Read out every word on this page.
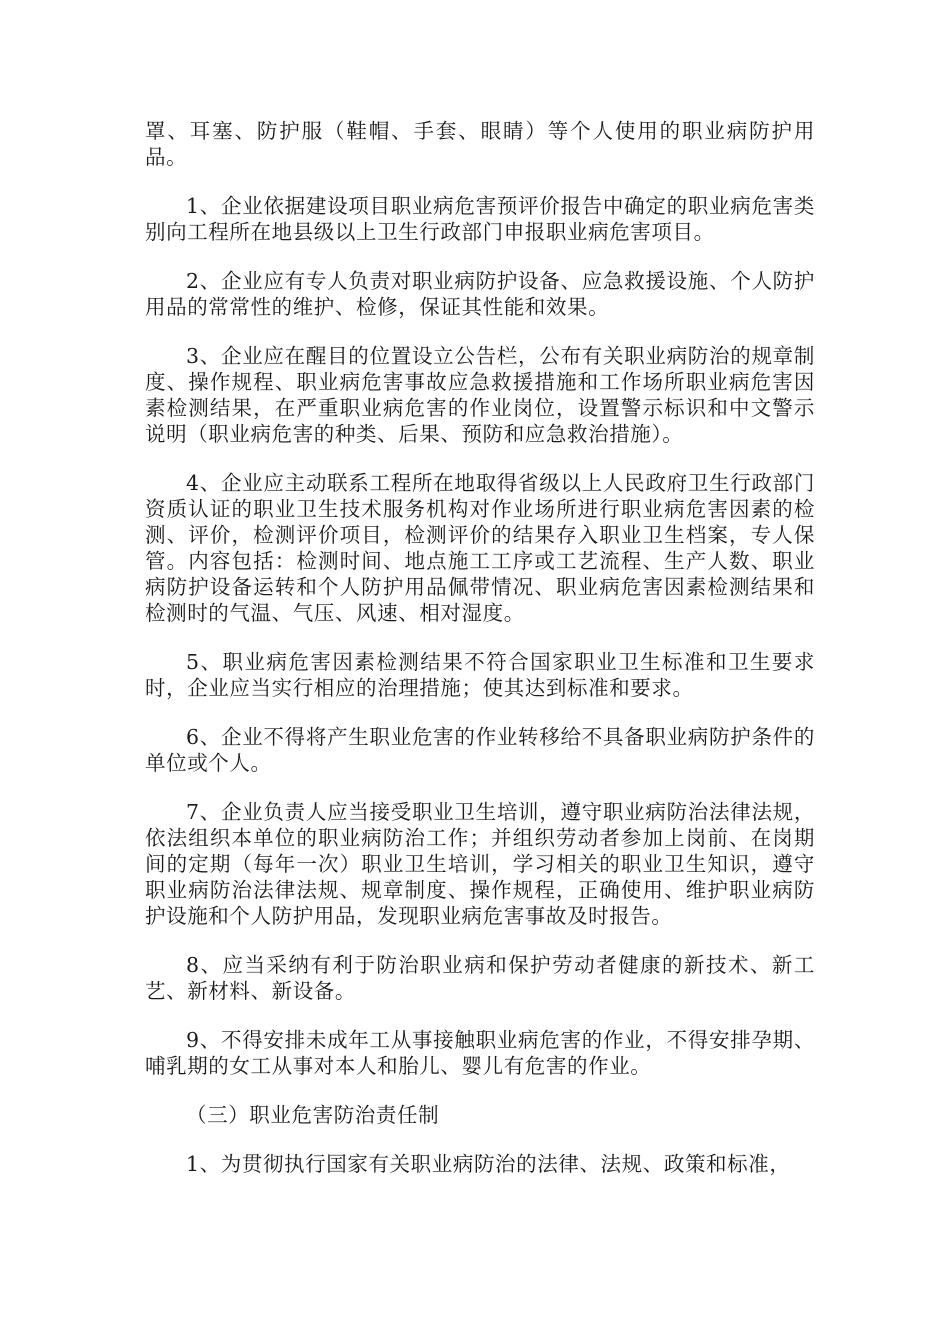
罩、耳塞、防护服（鞋帽、手套、眼睛）等个人使用的职业病防护用品。

1、企业依据建设项目职业病危害预评价报告中确定的职业病危害类别向工程所在地县级以上卫生行政部门申报职业病危害项目。

2、企业应有专人负责对职业病防护设备、应急救援设施、个人防护用品的常常性的维护、检修，保证其性能和效果。

3、企业应在醒目的位置设立公告栏，公布有关职业病防治的规章制度、操作规程、职业病危害事故应急救援措施和工作场所职业病危害因素检测结果，在严重职业病危害的作业岗位，设置警示标识和中文警示说明（职业病危害的种类、后果、预防和应急救治措施）。

4、企业应主动联系工程所在地取得省级以上人民政府卫生行政部门资质认证的职业卫生技术服务机构对作业场所进行职业病危害因素的检测、评价，检测评价项目，检测评价的结果存入职业卫生档案，专人保管。内容包括：检测时间、地点施工工序或工艺流程、生产人数、职业病防护设备运转和个人防护用品佩带情况、职业病危害因素检测结果和检测时的气温、气压、风速、相对湿度。

5、职业病危害因素检测结果不符合国家职业卫生标准和卫生要求时，企业应当实行相应的治理措施；使其达到标准和要求。

6、企业不得将产生职业危害的作业转移给不具备职业病防护条件的单位或个人。

7、企业负责人应当接受职业卫生培训，遵守职业病防治法律法规，依法组织本单位的职业病防治工作；并组织劳动者参加上岗前、在岗期间的定期（每年一次）职业卫生培训，学习相关的职业卫生知识，遵守职业病防治法律法规、规章制度、操作规程，正确使用、维护职业病防护设施和个人防护用品，发现职业病危害事故及时报告。

8、应当采纳有利于防治职业病和保护劳动者健康的新技术、新工艺、新材料、新设备。

9、不得安排未成年工从事接触职业病危害的作业，不得安排孕期、哺乳期的女工从事对本人和胎儿、婴儿有危害的作业。

（三）职业危害防治责任制

1、为贯彻执行国家有关职业病防治的法律、法规、政策和标准，
